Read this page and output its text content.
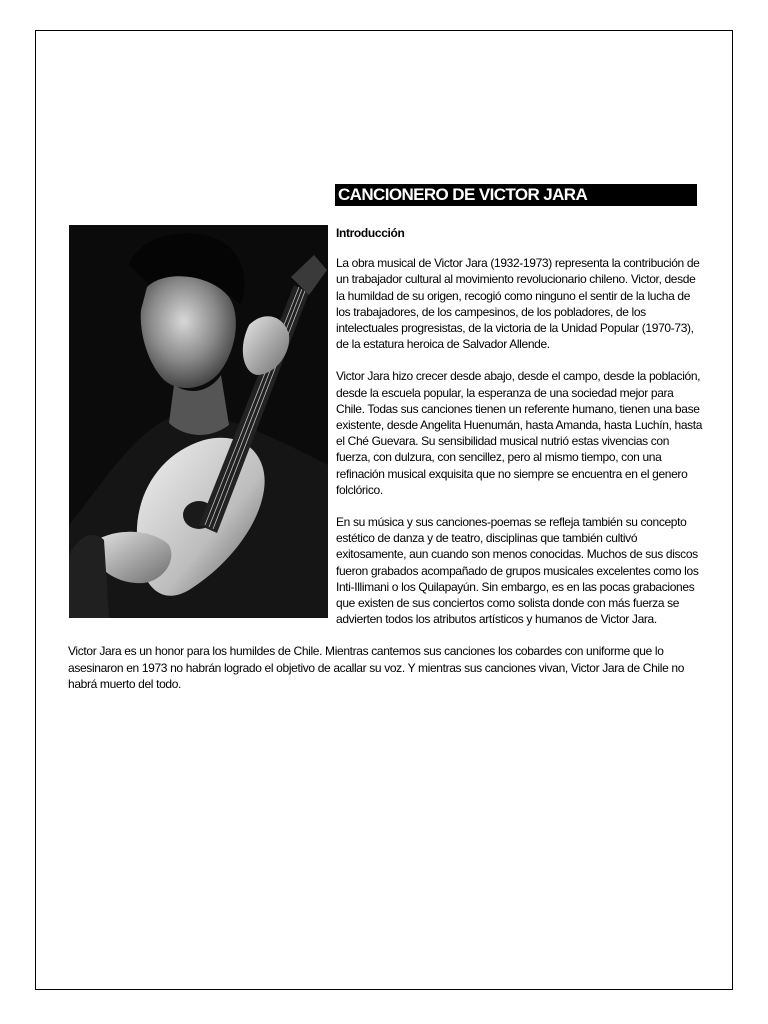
CANCIONERO DE VICTOR JARA

Introducción

La obra musical de Victor Jara (1932-1973) representa la contribución de un trabajador cultural al movimiento revolucionario chileno. Victor, desde la humildad de su origen, recogió como ninguno el sentir de la lucha de los trabajadores, de los campesinos, de los pobladores, de los intelectuales progresistas, de la victoria de la Unidad Popular (1970-73), de la estatura heroica de Salvador Allende.

Victor Jara hizo crecer desde abajo, desde el campo, desde la población, desde la escuela popular, la esperanza de una sociedad mejor para Chile. Todas sus canciones tienen un referente humano, tienen una base existente, desde Angelita Huenumán, hasta Amanda, hasta Luchín, hasta el Ché Guevara. Su sensibilidad musical nutrió estas vivencias con fuerza, con dulzura, con sencillez, pero al mismo tiempo, con una refinación musical exquisita que no siempre se encuentra en el genero folclórico.

En su música y sus canciones-poemas se refleja también su concepto estético de danza y de teatro, disciplinas que también cultivó exitosamente, aun cuando son menos conocidas. Muchos de sus discos fueron grabados acompañado de grupos musicales excelentes como los Inti-Illimani o los Quilapayún. Sin embargo, es en las pocas grabaciones que existen de sus conciertos como solista donde con más fuerza se advierten todos los atributos artísticos y humanos de Victor Jara.

Victor Jara es un honor para los humildes de Chile. Mientras cantemos sus canciones los cobardes con uniforme que lo asesinaron en 1973 no habrán logrado el objetivo de acallar su voz. Y mientras sus canciones vivan, Victor Jara de Chile no habrá muerto del todo.
